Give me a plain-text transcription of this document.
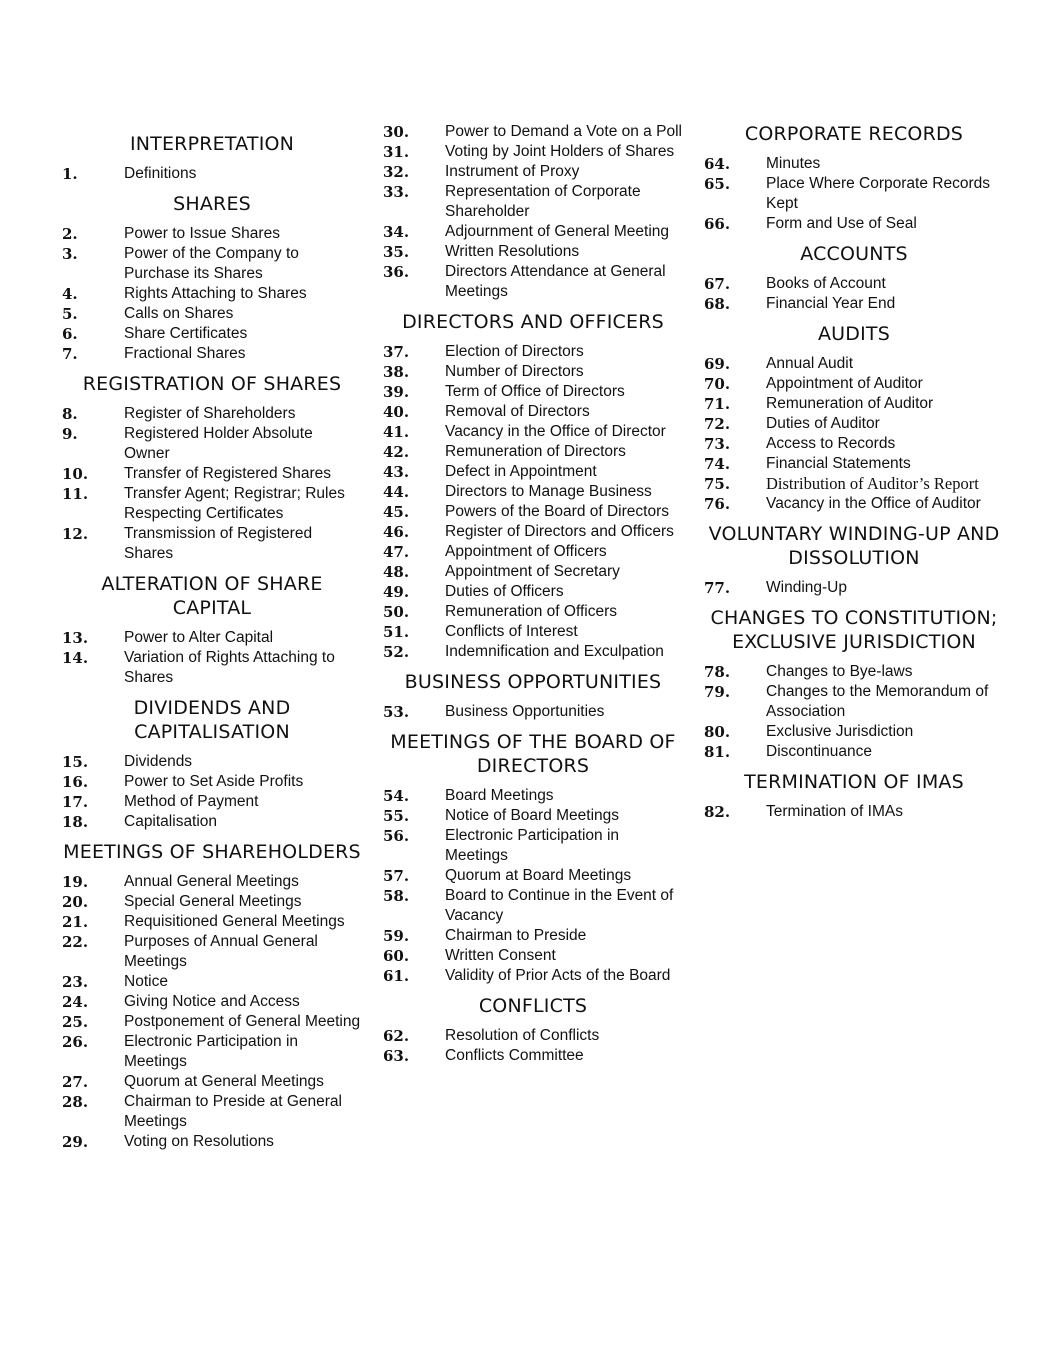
INTERPRETATION
1.	Definitions
SHARES
2.	Power to Issue Shares
3.	Power of the Company to Purchase its Shares
4.	Rights Attaching to Shares
5.	Calls on Shares
6.	Share Certificates
7.	Fractional Shares
REGISTRATION OF SHARES
8.	Register of Shareholders
9.	Registered Holder Absolute Owner
10.	Transfer of Registered Shares
11.	Transfer Agent; Registrar; Rules Respecting Certificates
12.	Transmission of Registered Shares
ALTERATION OF SHARE CAPITAL
13.	Power to Alter Capital
14.	Variation of Rights Attaching to Shares
DIVIDENDS AND CAPITALISATION
15.	Dividends
16.	Power to Set Aside Profits
17.	Method of Payment
18.	Capitalisation
MEETINGS OF SHAREHOLDERS
19.	Annual General Meetings
20.	Special General Meetings
21.	Requisitioned General Meetings
22.	Purposes of Annual General Meetings
23.	Notice
24.	Giving Notice and Access
25.	Postponement of General Meeting
26.	Electronic Participation in Meetings
27.	Quorum at General Meetings
28.	Chairman to Preside at General Meetings
29.	Voting on Resolutions
30.	Power to Demand a Vote on a Poll
31.	Voting by Joint Holders of Shares
32.	Instrument of Proxy
33.	Representation of Corporate Shareholder
34.	Adjournment of General Meeting
35.	Written Resolutions
36.	Directors Attendance at General Meetings
DIRECTORS AND OFFICERS
37.	Election of Directors
38.	Number of Directors
39.	Term of Office of Directors
40.	Removal of Directors
41.	Vacancy in the Office of Director
42.	Remuneration of Directors
43.	Defect in Appointment
44.	Directors to Manage Business
45.	Powers of the Board of Directors
46.	Register of Directors and Officers
47.	Appointment of Officers
48.	Appointment of Secretary
49.	Duties of Officers
50.	Remuneration of Officers
51.	Conflicts of Interest
52.	Indemnification and Exculpation
BUSINESS OPPORTUNITIES
53.	Business Opportunities
MEETINGS OF THE BOARD OF DIRECTORS
54.	Board Meetings
55.	Notice of Board Meetings
56.	Electronic Participation in Meetings
57.	Quorum at Board Meetings
58.	Board to Continue in the Event of Vacancy
59.	Chairman to Preside
60.	Written Consent
61.	Validity of Prior Acts of the Board
CONFLICTS
62.	Resolution of Conflicts
63.	Conflicts Committee
CORPORATE RECORDS
64.	Minutes
65.	Place Where Corporate Records Kept
66.	Form and Use of Seal
ACCOUNTS
67.	Books of Account
68.	Financial Year End
AUDITS
69.	Annual Audit
70.	Appointment of Auditor
71.	Remuneration of Auditor
72.	Duties of Auditor
73.	Access to Records
74.	Financial Statements
75.	Distribution of Auditor’s Report
76.	Vacancy in the Office of Auditor
VOLUNTARY WINDING-UP AND DISSOLUTION
77.	Winding-Up
CHANGES TO CONSTITUTION; EXCLUSIVE JURISDICTION
78.	Changes to Bye-laws
79.	Changes to the Memorandum of Association
80.	Exclusive Jurisdiction
81.	Discontinuance
TERMINATION OF IMAS
82.	Termination of IMAs
